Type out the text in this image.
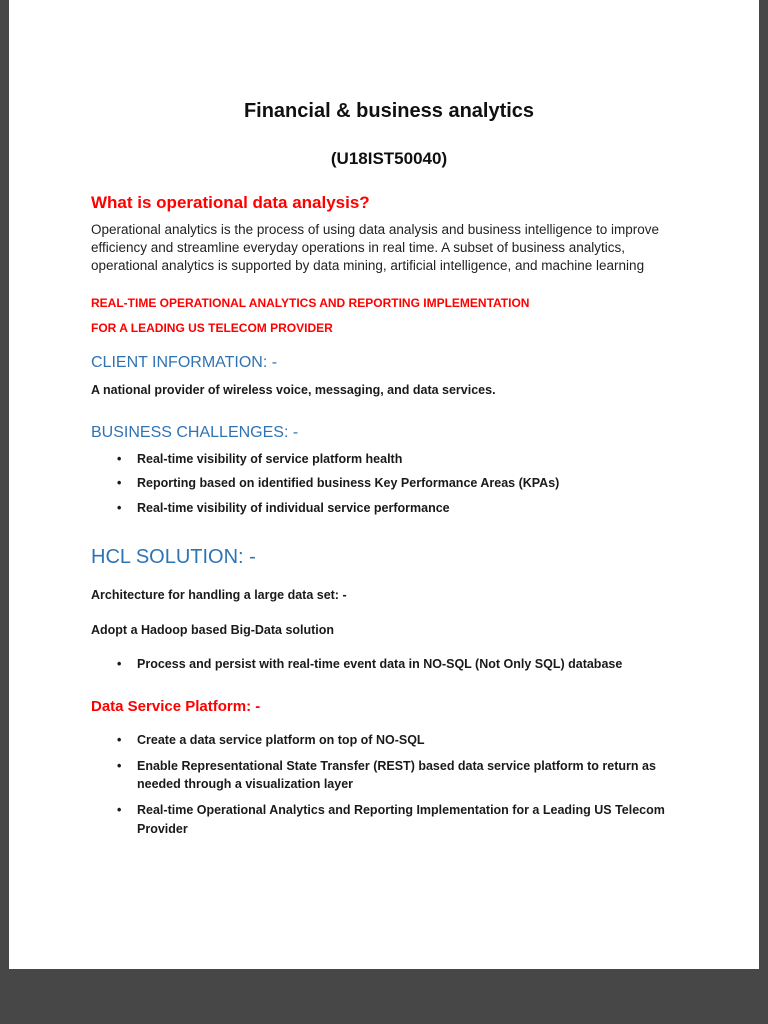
Financial & business analytics
(U18IST50040)
What is operational data analysis?
Operational analytics is the process of using data analysis and business intelligence to improve efficiency and streamline everyday operations in real time. A subset of business analytics, operational analytics is supported by data mining, artificial intelligence, and machine learning
REAL-TIME OPERATIONAL ANALYTICS AND REPORTING IMPLEMENTATION
FOR A LEADING US TELECOM PROVIDER
CLIENT INFORMATION: -
A national provider of wireless voice, messaging, and data services.
BUSINESS CHALLENGES: -
• Real-time visibility of service platform health
• Reporting based on identified business Key Performance Areas (KPAs)
• Real-time visibility of individual service performance
HCL SOLUTION: -
Architecture for handling a large data set: -
Adopt a Hadoop based Big-Data solution
• Process and persist with real-time event data in NO-SQL (Not Only SQL) database
Data Service Platform: -
• Create a data service platform on top of NO-SQL
• Enable Representational State Transfer (REST) based data service platform to return as needed through a visualization layer
• Real-time Operational Analytics and Reporting Implementation for a Leading US Telecom Provider
